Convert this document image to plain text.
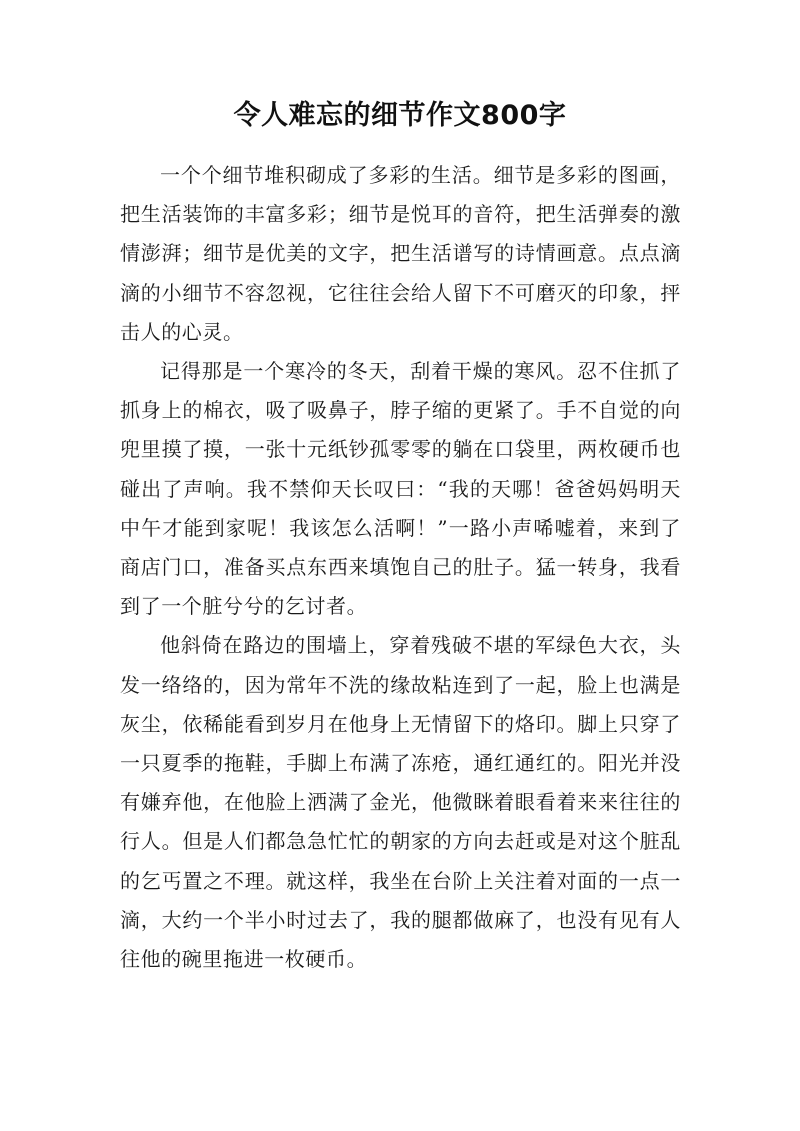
令人难忘的细节作文800字

一个个细节堆积砌成了多彩的生活。细节是多彩的图画，把生活装饰的丰富多彩；细节是悦耳的音符，把生活弹奏的激情澎湃；细节是优美的文字，把生活谱写的诗情画意。点点滴滴的小细节不容忽视，它往往会给人留下不可磨灭的印象，抨击人的心灵。

记得那是一个寒冷的冬天，刮着干燥的寒风。忍不住抓了抓身上的棉衣，吸了吸鼻子，脖子缩的更紧了。手不自觉的向兜里摸了摸，一张十元纸钞孤零零的躺在口袋里，两枚硬币也碰出了声响。我不禁仰天长叹曰：“我的天哪！爸爸妈妈明天中午才能到家呢！我该怎么活啊！”一路小声唏嘘着，来到了商店门口，准备买点东西来填饱自己的肚子。猛一转身，我看到了一个脏兮兮的乞讨者。

他斜倚在路边的围墙上，穿着残破不堪的军绿色大衣，头发一络络的，因为常年不洗的缘故粘连到了一起，脸上也满是灰尘，依稀能看到岁月在他身上无情留下的烙印。脚上只穿了一只夏季的拖鞋，手脚上布满了冻疮，通红通红的。阳光并没有嫌弃他，在他脸上洒满了金光，他微眯着眼看着来来往往的行人。但是人们都急急忙忙的朝家的方向去赶或是对这个脏乱的乞丐置之不理。就这样，我坐在台阶上关注着对面的一点一滴，大约一个半小时过去了，我的腿都做麻了，也没有见有人往他的碗里拖进一枚硬币。
